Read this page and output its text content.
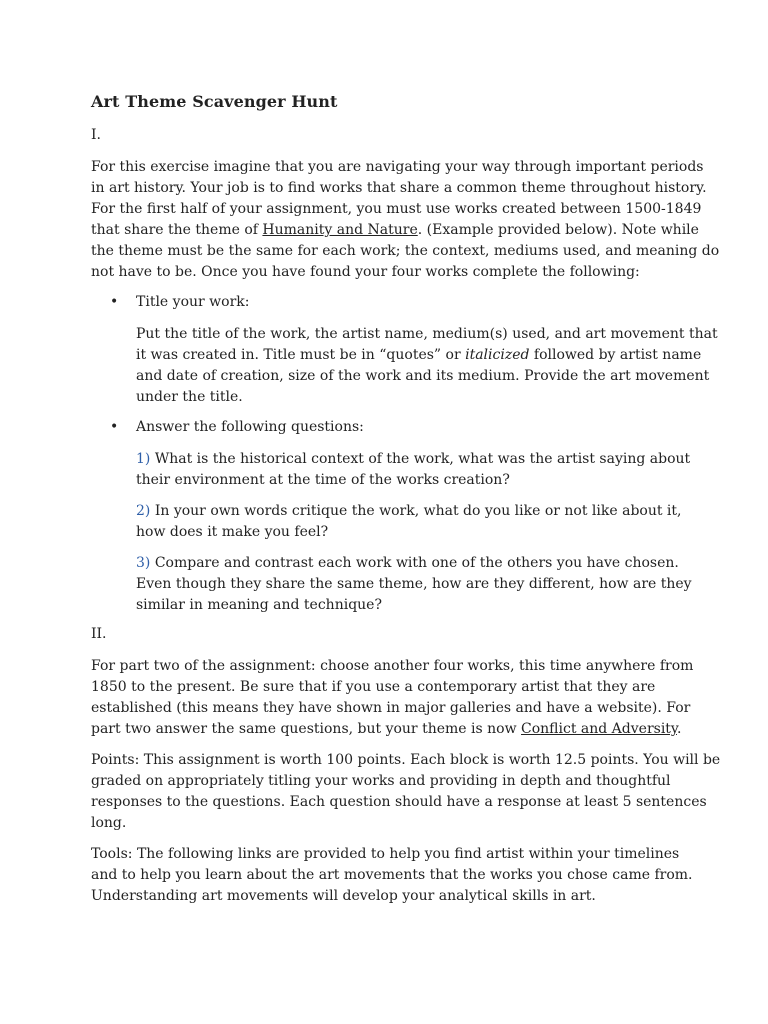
Art Theme Scavenger Hunt
I.
For this exercise imagine that you are navigating your way through important periods
in art history. Your job is to find works that share a common theme throughout history.
For the first half of your assignment, you must use works created between 1500-1849
that share the theme of Humanity and Nature. (Example provided below). Note while
the theme must be the same for each work; the context, mediums used, and meaning do
not have to be. Once you have found your four works complete the following:
• Title your work:
Put the title of the work, the artist name, medium(s) used, and art movement that
it was created in. Title must be in “quotes” or italicized followed by artist name
and date of creation, size of the work and its medium. Provide the art movement
under the title.
• Answer the following questions:
1) What is the historical context of the work, what was the artist saying about
their environment at the time of the works creation?
2) In your own words critique the work, what do you like or not like about it,
how does it make you feel?
3) Compare and contrast each work with one of the others you have chosen.
Even though they share the same theme, how are they different, how are they
similar in meaning and technique?
II.
For part two of the assignment: choose another four works, this time anywhere from
1850 to the present. Be sure that if you use a contemporary artist that they are
established (this means they have shown in major galleries and have a website). For
part two answer the same questions, but your theme is now Conflict and Adversity.
Points: This assignment is worth 100 points. Each block is worth 12.5 points. You will be
graded on appropriately titling your works and providing in depth and thoughtful
responses to the questions. Each question should have a response at least 5 sentences
long.
Tools: The following links are provided to help you find artist within your timelines
and to help you learn about the art movements that the works you chose came from.
Understanding art movements will develop your analytical skills in art.
